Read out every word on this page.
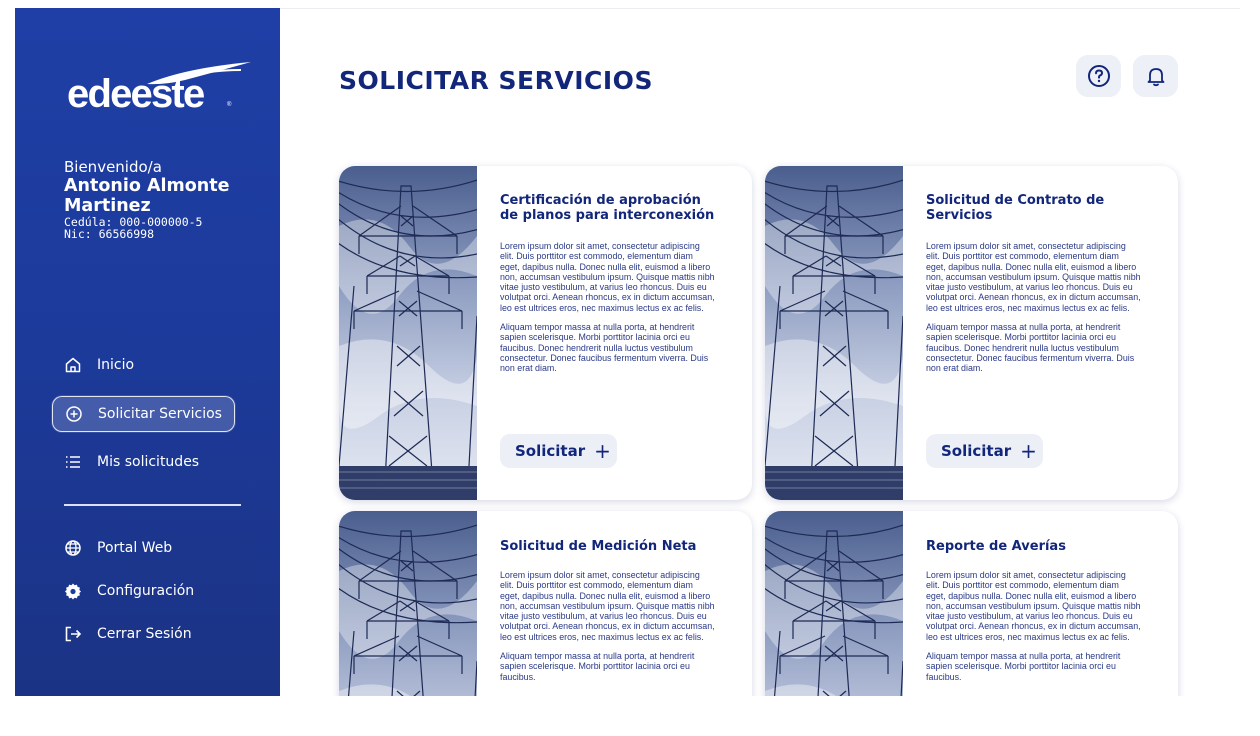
edeeste	®
Bienvenido/a
Antonio Almonte
Martinez
Cedúla: 000-000000-5
Nic: 66566998
Inicio
Solicitar Servicios
Mis solicitudes
Portal Web
Configuración
Cerrar Sesión
SOLICITAR SERVICIOS
Certificación de aprobación de planos para interconexión

Lorem ipsum dolor sit amet, consectetur adipiscing elit. Duis porttitor est commodo, elementum diam eget, dapibus nulla. Donec nulla elit, euismod a libero non, accumsan vestibulum ipsum. Quisque mattis nibh vitae justo vestibulum, at varius leo rhoncus. Duis eu volutpat orci. Aenean rhoncus, ex in dictum accumsan, leo est ultrices eros, nec maximus lectus ex ac felis.

Aliquam tempor massa at nulla porta, at hendrerit sapien scelerisque. Morbi porttitor lacinia orci eu faucibus. Donec hendrerit nulla luctus vestibulum consectetur. Donec faucibus fermentum viverra. Duis non erat diam.

Solicitar +
Solicitud de Contrato de Servicios

Lorem ipsum dolor sit amet, consectetur adipiscing elit. Duis porttitor est commodo, elementum diam eget, dapibus nulla. Donec nulla elit, euismod a libero non, accumsan vestibulum ipsum. Quisque mattis nibh vitae justo vestibulum, at varius leo rhoncus. Duis eu volutpat orci. Aenean rhoncus, ex in dictum accumsan, leo est ultrices eros, nec maximus lectus ex ac felis.

Aliquam tempor massa at nulla porta, at hendrerit sapien scelerisque. Morbi porttitor lacinia orci eu faucibus. Donec hendrerit nulla luctus vestibulum consectetur. Donec faucibus fermentum viverra. Duis non erat diam.

Solicitar +
Solicitud de Medición Neta

Lorem ipsum dolor sit amet, consectetur adipiscing elit. Duis porttitor est commodo, elementum diam eget, dapibus nulla. Donec nulla elit, euismod a libero non, accumsan vestibulum ipsum. Quisque mattis nibh vitae justo vestibulum, at varius leo rhoncus. Duis eu volutpat orci. Aenean rhoncus, ex in dictum accumsan, leo est ultrices eros, nec maximus lectus ex ac felis.

Aliquam tempor massa at nulla porta, at hendrerit sapien scelerisque. Morbi porttitor lacinia orci eu faucibus.

Reporte de Averías

Lorem ipsum dolor sit amet, consectetur adipiscing elit. Duis porttitor est commodo, elementum diam eget, dapibus nulla. Donec nulla elit, euismod a libero non, accumsan vestibulum ipsum. Quisque mattis nibh vitae justo vestibulum, at varius leo rhoncus. Duis eu volutpat orci. Aenean rhoncus, ex in dictum accumsan, leo est ultrices eros, nec maximus lectus ex ac felis.

Aliquam tempor massa at nulla porta, at hendrerit sapien scelerisque. Morbi porttitor lacinia orci eu faucibus.
